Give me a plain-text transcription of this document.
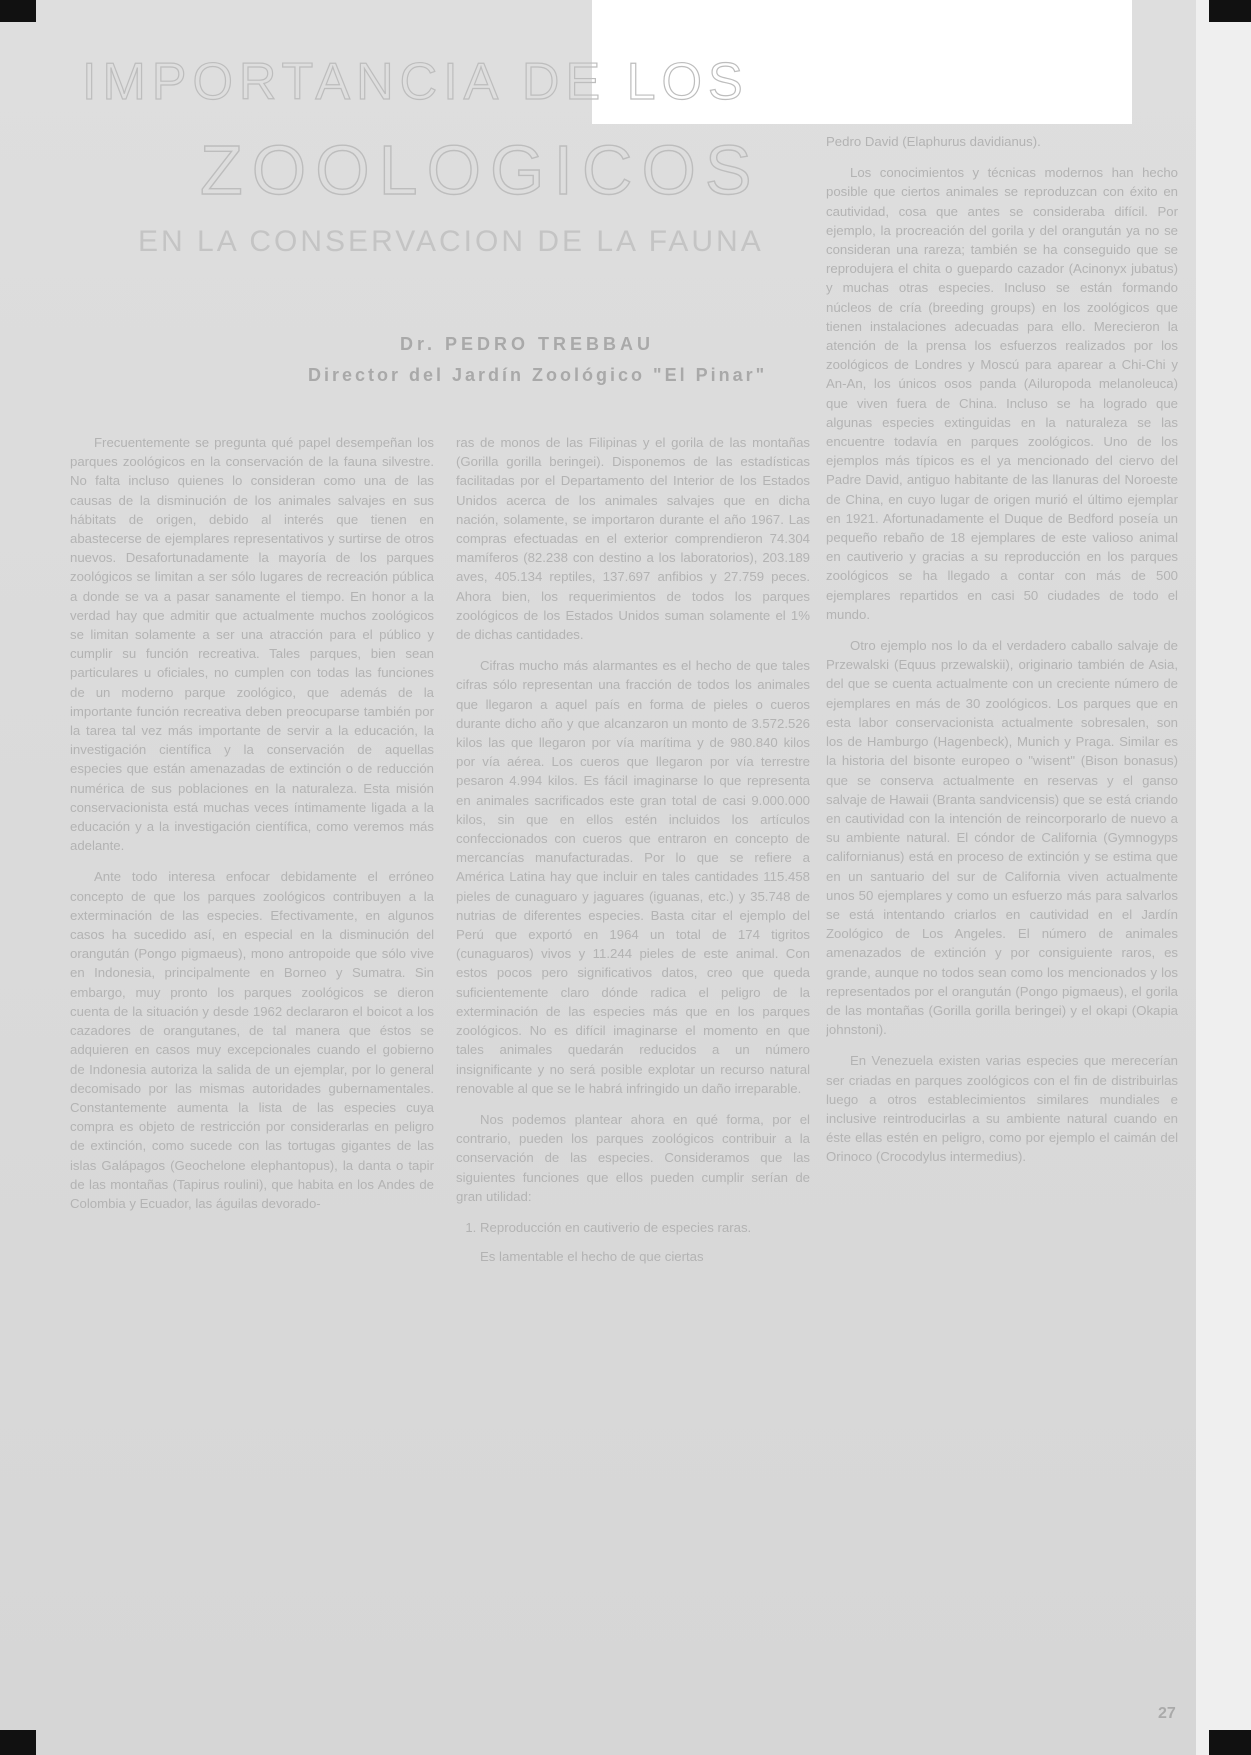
IMPORTANCIA DE LOS
ZOOLOGICOS
EN LA CONSERVACION DE LA FAUNA
Dr. PEDRO TREBBAU
Director del Jardín Zoológico "El Pinar"

Frecuentemente se pregunta qué papel desempeñan los parques zoológicos en la conservación de la fauna silvestre. No falta incluso quienes lo consideran como una de las causas de la disminución de los animales salvajes en sus hábitats de origen, debido al interés que tienen en abastecerse de ejemplares representativos y surtirse de otros nuevos. Desafortunadamente la mayoría de los parques zoológicos se limitan a ser sólo lugares de recreación pública a donde se va a pasar sanamente el tiempo. En honor a la verdad hay que admitir que actualmente muchos zoológicos se limitan solamente a ser una atracción para el público y cumplir su función recreativa. Tales parques, bien sean particulares u oficiales, no cumplen con todas las funciones de un moderno parque zoológico, que además de la importante función recreativa deben preocuparse también por la tarea tal vez más importante de servir a la educación, la investigación científica y la conservación de aquellas especies que están amenazadas de extinción o de reducción numérica de sus poblaciones en la naturaleza. Esta misión conservacionista está muchas veces íntimamente ligada a la educación y a la investigación científica, como veremos más adelante.

Ante todo interesa enfocar debidamente el erróneo concepto de que los parques zoológicos contribuyen a la exterminación de las especies. Efectivamente, en algunos casos ha sucedido así, en especial en la disminución del orangután (Pongo pigmaeus), mono antropoide que sólo vive en Indonesia, principalmente en Borneo y Sumatra. Sin embargo, muy pronto los parques zoológicos se dieron cuenta de la situación y desde 1962 declararon el boicot a los cazadores de orangutanes, de tal manera que éstos se adquieren en casos muy excepcionales cuando el gobierno de Indonesia autoriza la salida de un ejemplar, por lo general decomisado por las mismas autoridades gubernamentales. Constantemente aumenta la lista de las especies cuya compra es objeto de restricción por considerarlas en peligro de extinción, como sucede con las tortugas gigantes de las islas Galápagos (Geochelone elephantopus), la danta o tapir de las montañas (Tapirus roulini), que habita en los Andes de Colombia y Ecuador, las águilas devorado-

ras de monos de las Filipinas y el gorila de las montañas (Gorilla gorilla beringei). Disponemos de las estadísticas facilitadas por el Departamento del Interior de los Estados Unidos acerca de los animales salvajes que en dicha nación, solamente, se importaron durante el año 1967. Las compras efectuadas en el exterior comprendieron 74.304 mamíferos (82.238 con destino a los laboratorios), 203.189 aves, 405.134 reptiles, 137.697 anfibios y 27.759 peces. Ahora bien, los requerimientos de todos los parques zoológicos de los Estados Unidos suman solamente el 1% de dichas cantidades.

Cifras mucho más alarmantes es el hecho de que tales cifras sólo representan una fracción de todos los animales que llegaron a aquel país en forma de pieles o cueros durante dicho año y que alcanzaron un monto de 3.572.526 kilos las que llegaron por vía marítima y de 980.840 kilos por vía aérea. Los cueros que llegaron por vía terrestre pesaron 4.994 kilos. Es fácil imaginarse lo que representa en animales sacrificados este gran total de casi 9.000.000 kilos, sin que en ellos estén incluidos los artículos confeccionados con cueros que entraron en concepto de mercancías manufacturadas. Por lo que se refiere a América Latina hay que incluir en tales cantidades 115.458 pieles de cunaguaro y jaguares (iguanas, etc.) y 35.748 de nutrias de diferentes especies. Basta citar el ejemplo del Perú que exportó en 1964 un total de 174 tigritos (cunaguaros) vivos y 11.244 pieles de este animal. Con estos pocos pero significativos datos, creo que queda suficientemente claro dónde radica el peligro de la exterminación de las especies más que en los parques zoológicos. No es difícil imaginarse el momento en que tales animales quedarán reducidos a un número insignificante y no será posible explotar un recurso natural renovable al que se le habrá infringido un daño irreparable.

Nos podemos plantear ahora en qué forma, por el contrario, pueden los parques zoológicos contribuir a la conservación de las especies. Consideramos que las siguientes funciones que ellos pueden cumplir serían de gran utilidad:

1. Reproducción en cautiverio de especies raras.

Es lamentable el hecho de que ciertas

Pedro David (Elaphurus davidianus).

Los conocimientos y técnicas modernos han hecho posible que ciertos animales se reproduzcan con éxito en cautividad, cosa que antes se consideraba difícil. Por ejemplo, la procreación del gorila y del orangután ya no se consideran una rareza; también se ha conseguido que se reprodujera el chita o guepardo cazador (Acinonyx jubatus) y muchas otras especies. Incluso se están formando núcleos de cría (breeding groups) en los zoológicos que tienen instalaciones adecuadas para ello. Merecieron la atención de la prensa los esfuerzos realizados por los zoológicos de Londres y Moscú para aparear a Chi-Chi y An-An, los únicos osos panda (Ailuropoda melanoleuca) que viven fuera de China. Incluso se ha logrado que algunas especies extinguidas en la naturaleza se las encuentre todavía en parques zoológicos. Uno de los ejemplos más típicos es el ya mencionado del ciervo del Padre David, antiguo habitante de las llanuras del Noroeste de China, en cuyo lugar de origen murió el último ejemplar en 1921. Afortunadamente el Duque de Bedford poseía un pequeño rebaño de 18 ejemplares de este valioso animal en cautiverio y gracias a su reproducción en los parques zoológicos se ha llegado a contar con más de 500 ejemplares repartidos en casi 50 ciudades de todo el mundo.

Otro ejemplo nos lo da el verdadero caballo salvaje de Przewalski (Equus przewalskii), originario también de Asia, del que se cuenta actualmente con un creciente número de ejemplares en más de 30 zoológicos. Los parques que en esta labor conservacionista actualmente sobresalen, son los de Hamburgo (Hagenbeck), Munich y Praga. Similar es la historia del bisonte europeo o "wisent" (Bison bonasus) que se conserva actualmente en reservas y el ganso salvaje de Hawaii (Branta sandvicensis) que se está criando en cautividad con la intención de reincorporarlo de nuevo a su ambiente natural. El cóndor de California (Gymnogyps californianus) está en proceso de extinción y se estima que en un santuario del sur de California viven actualmente unos 50 ejemplares y como un esfuerzo más para salvarlos se está intentando criarlos en cautividad en el Jardín Zoológico de Los Angeles. El número de animales amenazados de extinción y por consiguiente raros, es grande, aunque no todos sean como los mencionados y los representados por el orangután (Pongo pigmaeus), el gorila de las montañas (Gorilla gorilla beringei) y el okapi (Okapia johnstoni).

En Venezuela existen varias especies que merecerían ser criadas en parques zoológicos con el fin de distribuirlas luego a otros establecimientos similares mundiales e inclusive reintroducirlas a su ambiente natural cuando en éste ellas estén en peligro, como por ejemplo el caimán del Orinoco (Crocodylus intermedius).

27
